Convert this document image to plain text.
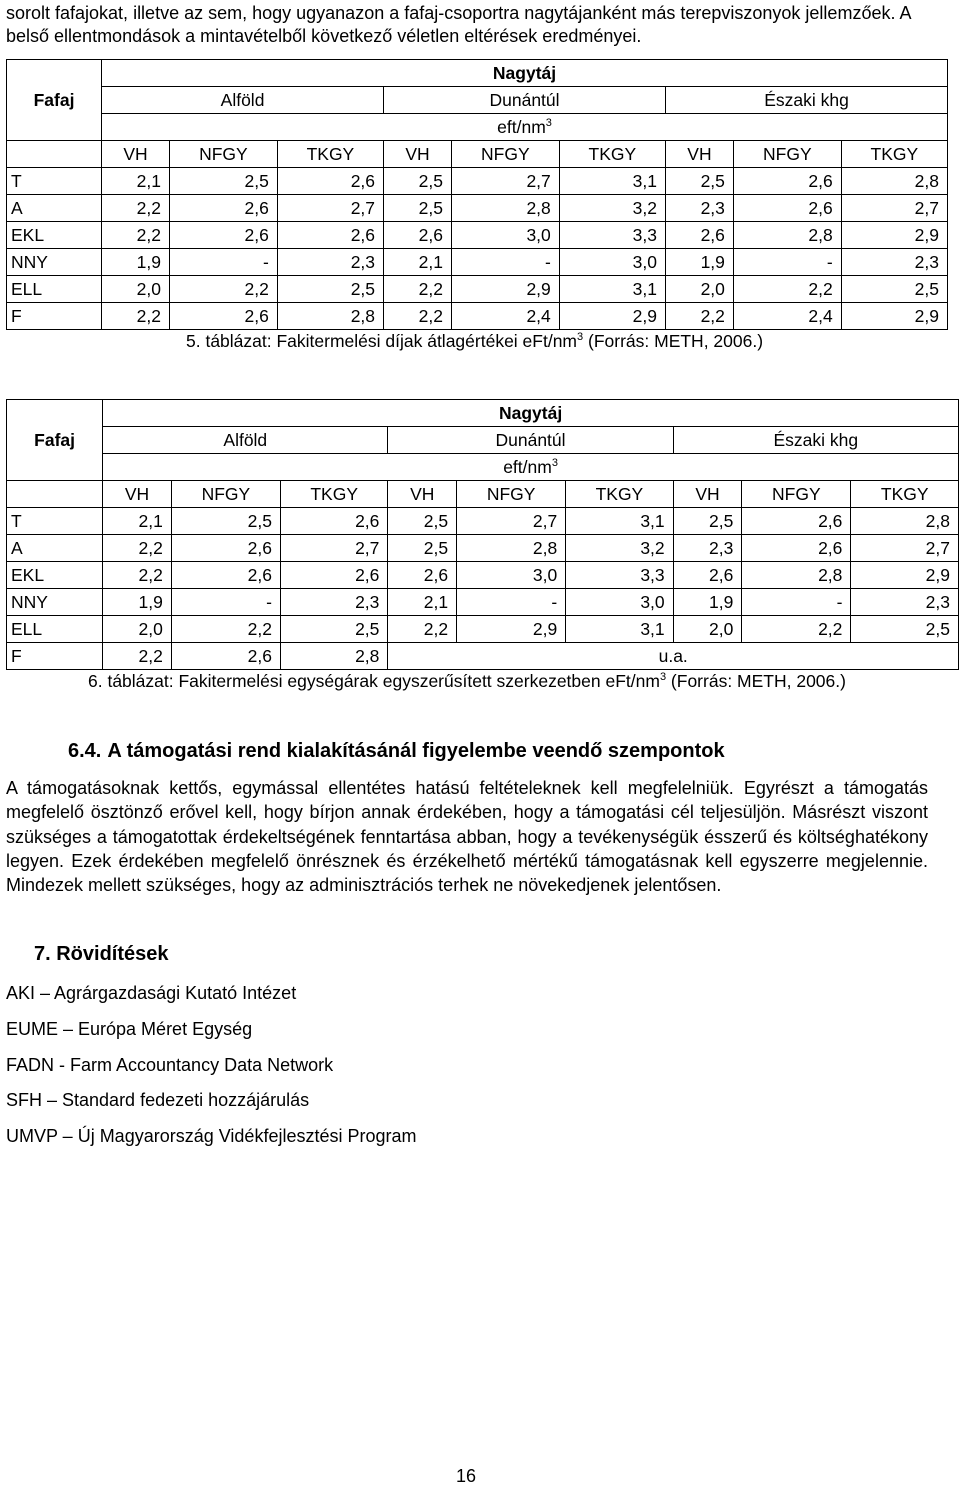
sorolt fafajokat, illetve az sem, hogy ugyanazon a fafaj-csoportra nagytájanként más terepviszonyok jellemzőek. A belső ellentmondások a mintavételből következő véletlen eltérések eredményei.
Fafaj	Nagytáj								
	Alföld			Dunántúl			Északi khg		
	eft/$nm^3$
	VH	NFGY	TKGY	VH	NFGY	TKGY	VH	NFGY	TKGY
T	2,1	2,5	2,6	2,5	2,7	3,1	2,5	2,6	2,8
A	2,2	2,6	2,7	2,5	2,8	3,2	2,3	2,6	2,7
EKL	2,2	2,6	2,6	2,6	3,0	3,3	2,6	2,8	2,9
NNY	1,9	-	2,3	2,1	-	3,0	1,9	-	2,3
ELL	2,0	2,2	2,5	2,2	2,9	3,1	2,0	2,2	2,5
F	2,2	2,6	2,8	2,2	2,4	2,9	2,2	2,4	2,9
5. táblázat: Fakitermelési díjak átlagértékei eFt/$nm^3$ (Forrás: METH, 2006.)
Fafaj	Nagytáj								
	Alföld			Dunántúl			Északi khg		
	eft/$nm^3$
	VH	NFGY	TKGY	VH	NFGY	TKGY	VH	NFGY	TKGY
T	2,1	2,5	2,6	2,5	2,7	3,1	2,5	2,6	2,8
A	2,2	2,6	2,7	2,5	2,8	3,2	2,3	2,6	2,7
EKL	2,2	2,6	2,6	2,6	3,0	3,3	2,6	2,8	2,9
NNY	1,9	-	2,3	2,1	-	3,0	1,9	-	2,3
ELL	2,0	2,2	2,5	2,2	2,9	3,1	2,0	2,2	2,5
F	2,2	2,6	2,8	u.a.					
6. táblázat: Fakitermelési egységárak egyszerűsített szerkezetben eFt/$nm^3$ (Forrás: METH, 2006.)
6.4. A támogatási rend kialakításánál figyelembe veendő szempontok
A támogatásoknak kettős, egymással ellentétes hatású feltételeknek kell megfelelniük. Egyrészt a támogatás megfelelő ösztönző erővel kell, hogy bírjon annak érdekében, hogy a támogatási cél teljesüljön. Másrészt viszont szükséges a támogatottak érdekeltségének fenntartása abban, hogy a tevékenységük ésszerű és költséghatékony legyen. Ezek érdekében megfelelő önrésznek és érzékelhető mértékű támogatásnak kell egyszerre megjelennie. Mindezek mellett szükséges, hogy az adminisztrációs terhek ne növekedjenek jelentősen.
7. Rövidítések
AKI – Agrárgazdasági Kutató Intézet
EUME – Európa Méret Egység
FADN - Farm Accountancy Data Network
SFH – Standard fedezeti hozzájárulás
UMVP – Új Magyarország Vidékfejlesztési Program
16
